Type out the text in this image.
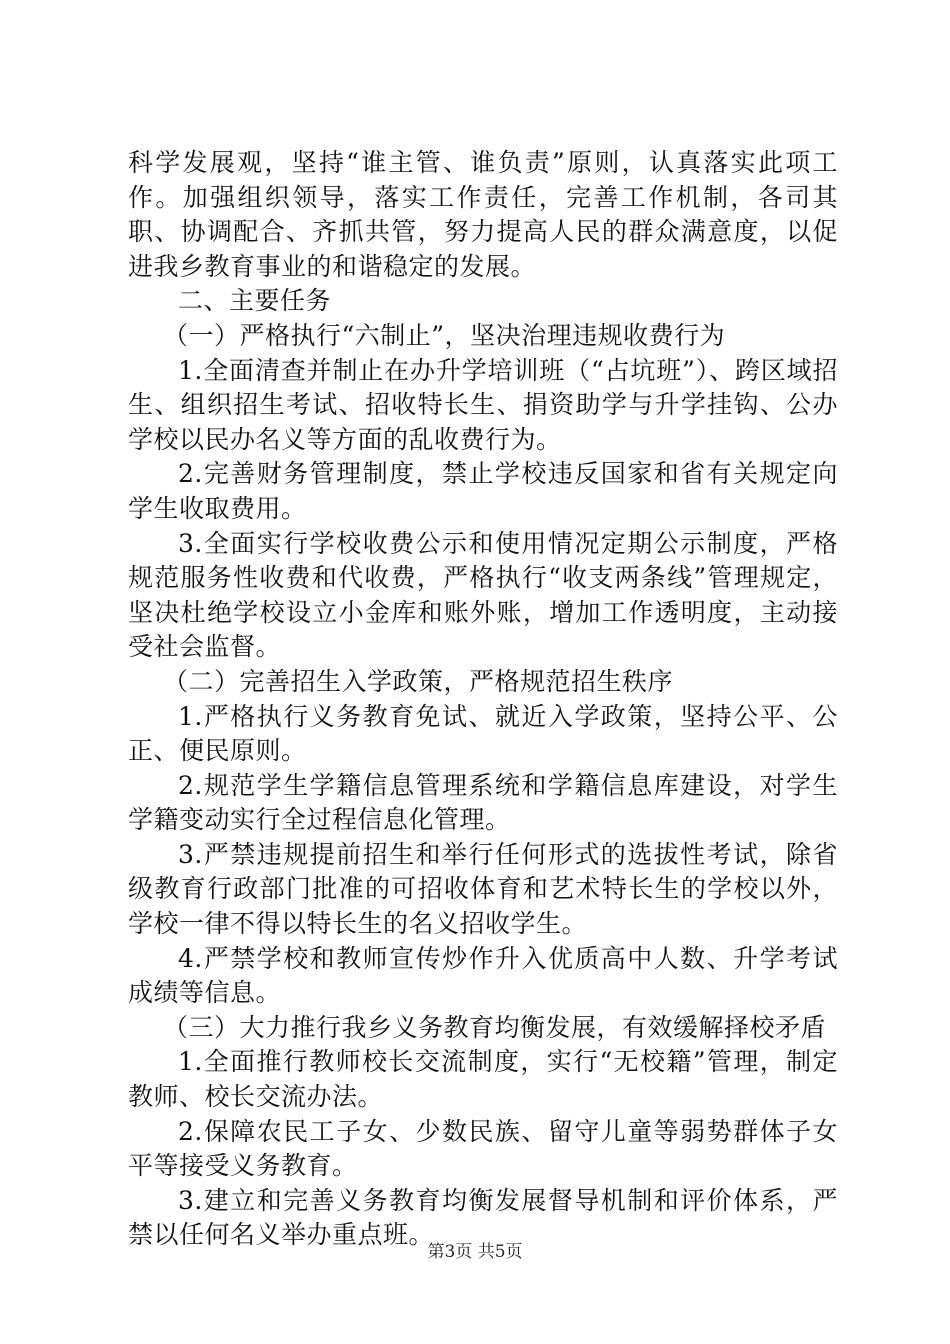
科学发展观，坚持“谁主管、谁负责”原则，认真落实此项工作。加强组织领导，落实工作责任，完善工作机制，各司其职、协调配合、齐抓共管，努力提高人民的群众满意度，以促进我乡教育事业的和谐稳定的发展。

二、主要任务

（一）严格执行“六制止”，坚决治理违规收费行为

1.全面清查并制止在办升学培训班（“占坑班”）、跨区域招生、组织招生考试、招收特长生、捐资助学与升学挂钩、公办学校以民办名义等方面的乱收费行为。

2.完善财务管理制度，禁止学校违反国家和省有关规定向学生收取费用。

3.全面实行学校收费公示和使用情况定期公示制度，严格规范服务性收费和代收费，严格执行“收支两条线”管理规定，坚决杜绝学校设立小金库和账外账，增加工作透明度，主动接受社会监督。

（二）完善招生入学政策，严格规范招生秩序

1.严格执行义务教育免试、就近入学政策，坚持公平、公正、便民原则。

2.规范学生学籍信息管理系统和学籍信息库建设，对学生学籍变动实行全过程信息化管理。

3.严禁违规提前招生和举行任何形式的选拔性考试，除省级教育行政部门批准的可招收体育和艺术特长生的学校以外，学校一律不得以特长生的名义招收学生。

4.严禁学校和教师宣传炒作升入优质高中人数、升学考试成绩等信息。

（三）大力推行我乡义务教育均衡发展，有效缓解择校矛盾

1.全面推行教师校长交流制度，实行“无校籍”管理，制定教师、校长交流办法。

2.保障农民工子女、少数民族、留守儿童等弱势群体子女平等接受义务教育。

3.建立和完善义务教育均衡发展督导机制和评价体系，严禁以任何名义举办重点班。

第3页 共5页
